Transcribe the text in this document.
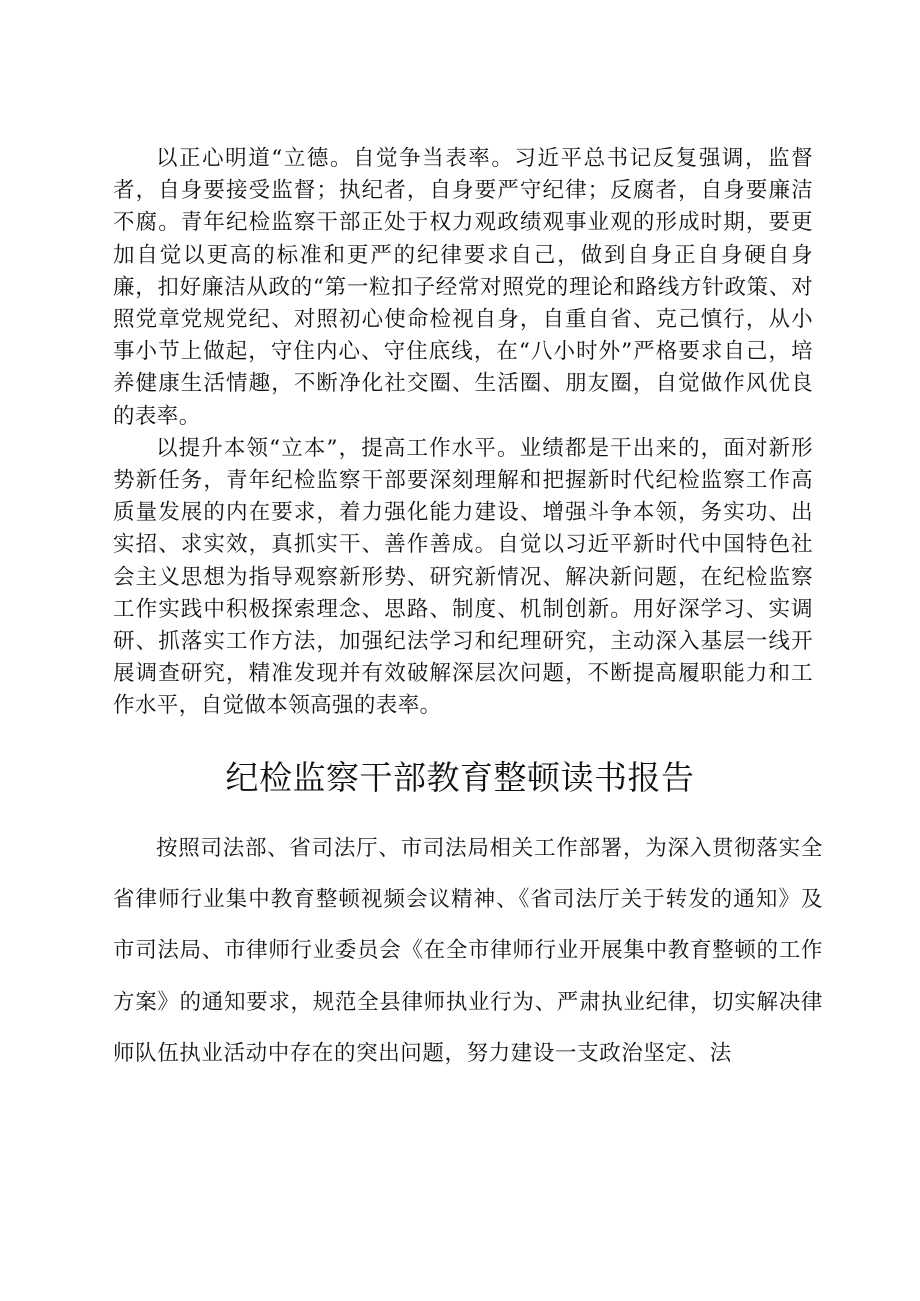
以正心明道“立德。自觉争当表率。习近平总书记反复强调，监督者，自身要接受监督；执纪者，自身要严守纪律；反腐者，自身要廉洁不腐。青年纪检监察干部正处于权力观政绩观事业观的形成时期，要更加自觉以更高的标准和更严的纪律要求自己，做到自身正自身硬自身廉，扣好廉洁从政的“第一粒扣子经常对照党的理论和路线方针政策、对照党章党规党纪、对照初心使命检视自身，自重自省、克己慎行，从小事小节上做起，守住内心、守住底线，在“八小时外”严格要求自己，培养健康生活情趣，不断净化社交圈、生活圈、朋友圈，自觉做作风优良的表率。

以提升本领“立本”，提高工作水平。业绩都是干出来的，面对新形势新任务，青年纪检监察干部要深刻理解和把握新时代纪检监察工作高质量发展的内在要求，着力强化能力建设、增强斗争本领，务实功、出实招、求实效，真抓实干、善作善成。自觉以习近平新时代中国特色社会主义思想为指导观察新形势、研究新情况、解决新问题，在纪检监察工作实践中积极探索理念、思路、制度、机制创新。用好深学习、实调研、抓落实工作方法，加强纪法学习和纪理研究，主动深入基层一线开展调查研究，精准发现并有效破解深层次问题，不断提高履职能力和工作水平，自觉做本领高强的表率。

纪检监察干部教育整顿读书报告

按照司法部、省司法厅、市司法局相关工作部署，为深入贯彻落实全省律师行业集中教育整顿视频会议精神、《省司法厅关于转发的通知》及市司法局、市律师行业委员会《在全市律师行业开展集中教育整顿的工作方案》的通知要求，规范全县律师执业行为、严肃执业纪律，切实解决律师队伍执业活动中存在的突出问题，努力建设一支政治坚定、法
